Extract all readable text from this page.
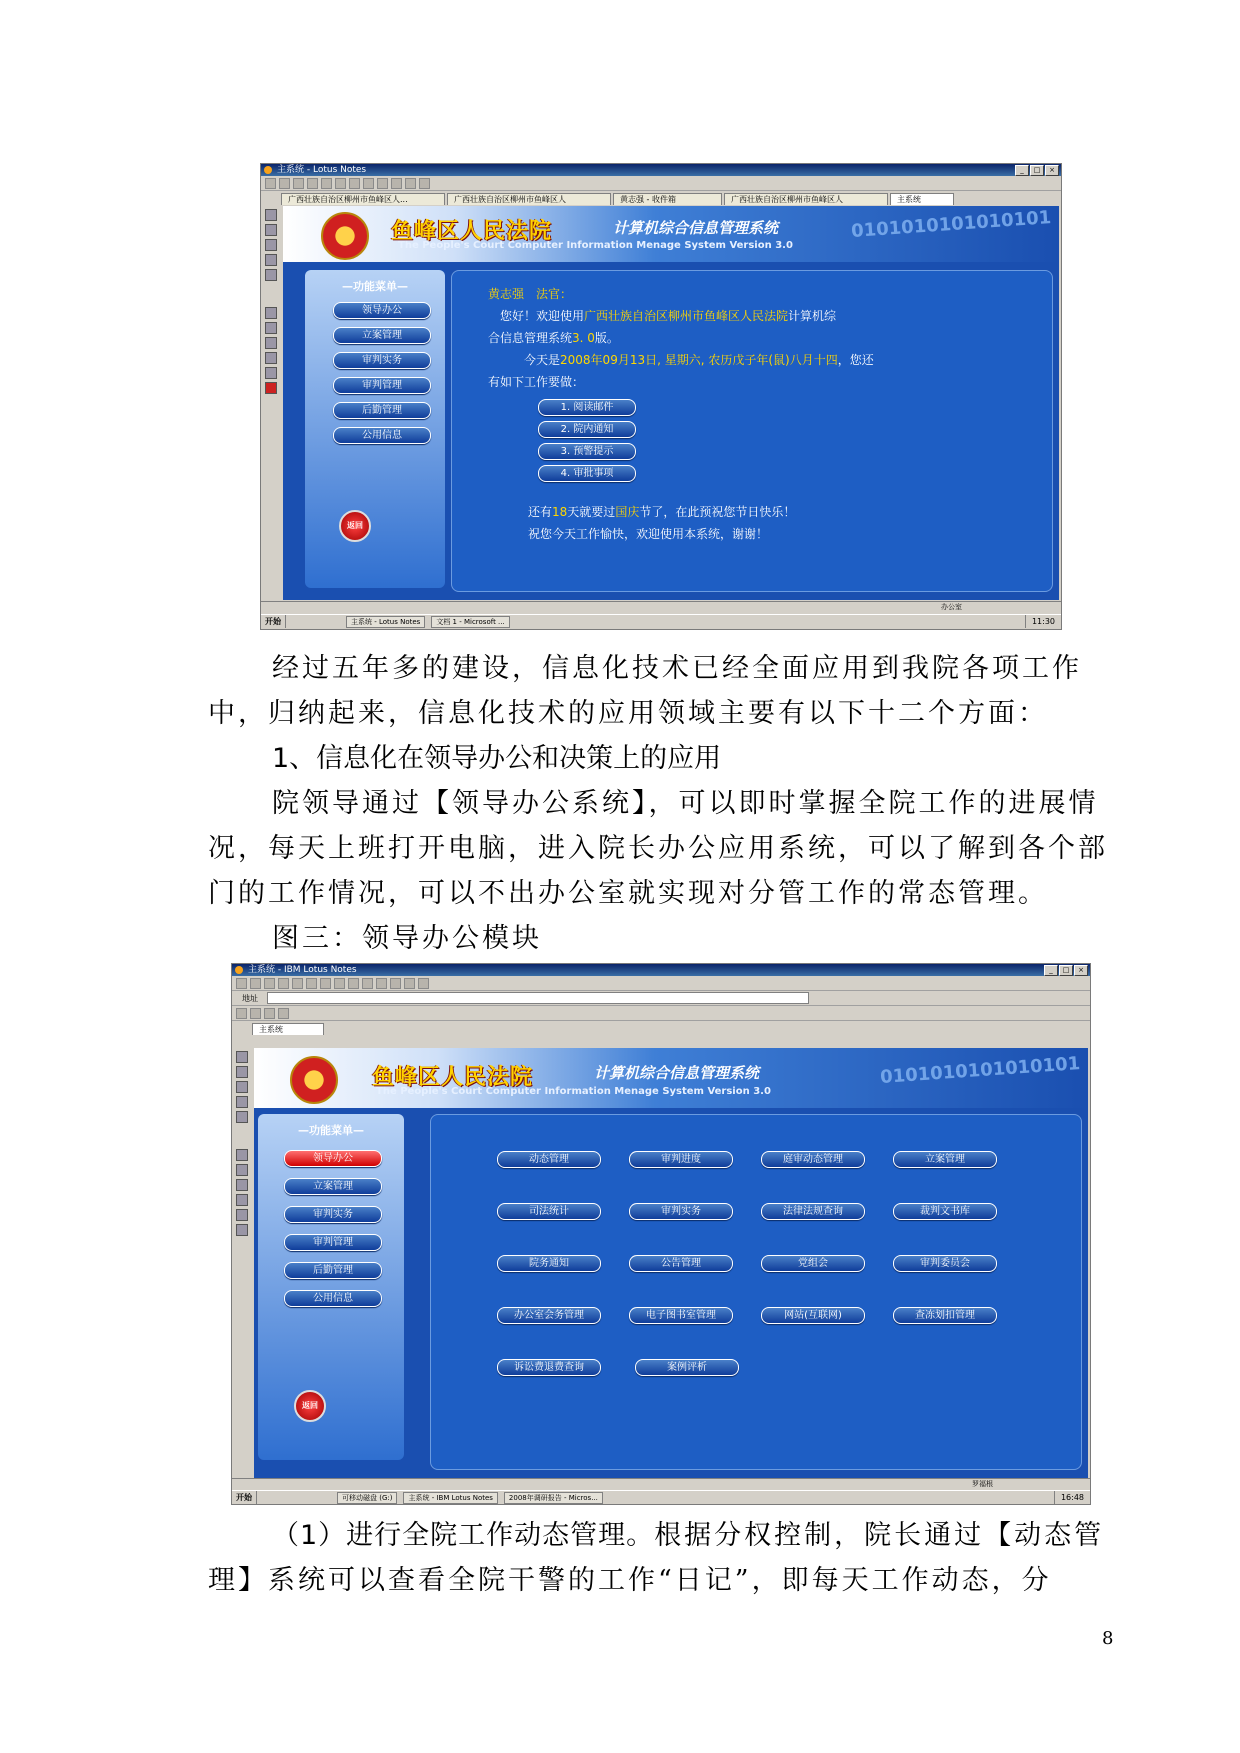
主系统 - Lotus Notes	_	□	×
广西壮族自治区柳州市鱼峰区人...	广西壮族自治区柳州市鱼峰区人	黄志强 - 收件箱	广西壮族自治区柳州市鱼峰区人	主系统
鱼峰区人民法院	计算机综合信息管理系统
The People's Court Computer Information Menage System Version 3.0
0101010101010101
—功能菜单—
领导办公
立案管理
审判实务
审判管理
后勤管理
公用信息
返回
黄志强　法官：
您好！欢迎使用广西壮族自治区柳州市鱼峰区人民法院计算机综
合信息管理系统3. 0版。
今天是2008年09月13日, 星期六, 农历戊子年(鼠)八月十四，您还
有如下工作要做：
1. 阅读邮件
2. 院内通知
3. 预警提示
4. 审批事项
还有18天就要过国庆节了，在此预祝您节日快乐！
祝您今天工作愉快，欢迎使用本系统，谢谢！
办公室
开始	主系统 - Lotus Notes	文档 1 - Microsoft ...	11:30

经过五年多的建设，信息化技术已经全面应用到我院各项工作中，归纳起来，信息化技术的应用领域主要有以下十二个方面：

1、信息化在领导办公和决策上的应用

院领导通过【领导办公系统】，可以即时掌握全院工作的进展情况，每天上班打开电脑，进入院长办公应用系统，可以了解到各个部门的工作情况，可以不出办公室就实现对分管工作的常态管理。

图三：领导办公模块
主系统 - IBM Lotus Notes	_	□	×
地址
主系统
鱼峰区人民法院	计算机综合信息管理系统
The People's Court Computer Information Menage System Version 3.0
0101010101010101
—功能菜单—
领导办公
立案管理
审判实务
审判管理
后勤管理
公用信息
返回
动态管理	审判进度	庭审动态管理	立案管理
司法统计	审判实务	法律法规查询	裁判文书库
院务通知	公告管理	党组会	审判委员会
办公室会务管理	电子图书室管理	网站(互联网)	查冻划扣管理
诉讼费退费查询	案例评析
罗福根
开始	可移动磁盘 (G:)	主系统 - IBM Lotus Notes	2008年调研报告 - Micros...	16:48

（1）进行全院工作动态管理。根据分权控制，院长通过【动态管理】系统可以查看全院干警的工作“日记”，即每天工作动态，分

8
